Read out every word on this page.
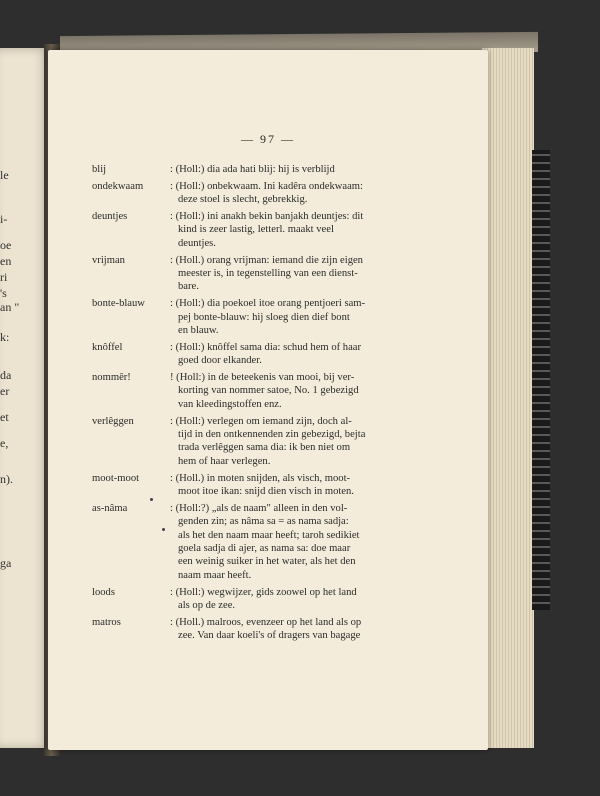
le
i-
oe
en
ri
's
an "
k:
da
er
et
e,
n).
ga
— 97 —
blij	: (Holl:) dia ada hati blij: hij is verblijd
ondekwaam	: (Holl:) onbekwaam. Ini kadêra ondekwaam:
deze stoel is slecht, gebrekkig.
deuntjes	: (Holl:) ini anakh bekin banjakh deuntjes: dit
kind is zeer lastig, letterl. maakt veel
deuntjes.
vrijman	: (Holl.) orang vrijman: iemand die zijn eigen
meester is, in tegenstelling van een dienst-
bare.
bonte-blauw	: (Holl:) dia poekoel itoe orang pentjoeri sam-
pej bonte-blauw: hij sloeg dien dief bont
en blauw.
knôffel	: (Holl:) knôffel sama dia: schud hem of haar
goed door elkander.
nommêr!	! (Holl:) in de beteekenis van mooi, bij ver-
korting van nommer satoe, No. 1 gebezigd
van kleedingstoffen enz.
verlêggen	: (Holl:) verlegen om iemand zijn, doch al-
tijd in den ontkennenden zin gebezigd, bejta
trada verlêggen sama dia: ik ben niet om
hem of haar verlegen.
moot-moot	: (Holl.) in moten snijden, als visch, moot-
moot itoe ikan: snijd dien visch in moten.
as-nâma	: (Holl:?) „als de naam" alleen in den vol-
genden zin; as nâma sa = as nama sadja:
als het den naam maar heeft; taroh sedikiet
goela sadja di ajer, as nama sa: doe maar
een weinig suiker in het water, als het den
naam maar heeft.
loods	: (Holl:) wegwijzer, gids zoowel op het land
als op de zee.
matros	: (Holl.) malroos, evenzeer op het land als op
zee. Van daar koeli's of dragers van bagage
